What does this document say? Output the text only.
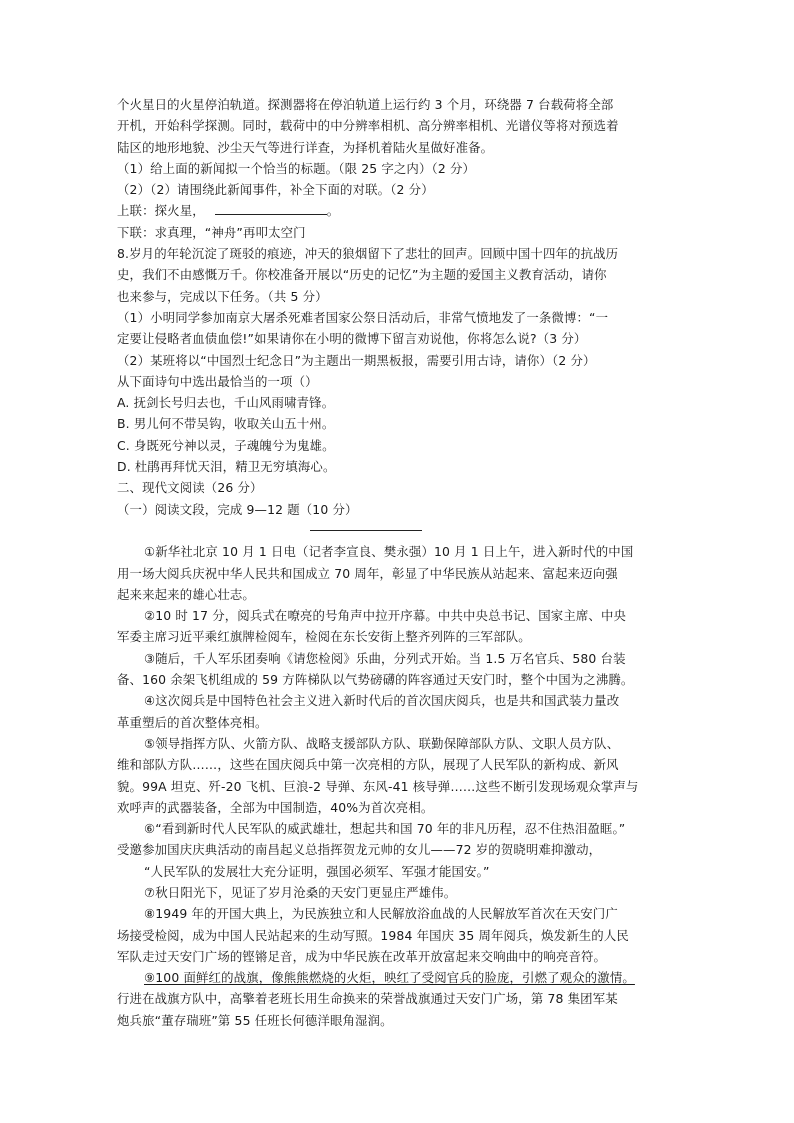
个火星日的火星停泊轨道。探测器将在停泊轨道上运行约 3 个月，环绕器 7 台载荷将全部
开机，开始科学探测。同时，载荷中的中分辨率相机、高分辨率相机、光谱仪等将对预选着
陆区的地形地貌、沙尘天气等进行详查，为择机着陆火星做好准备。
（1）给上面的新闻拟一个恰当的标题。（限 25 字之内）（2 分）
（2）（2）请围绕此新闻事件，补全下面的对联。（2 分）
上联：探火星，	。
下联：求真理，“神舟”再叩太空门
8.岁月的年轮沉淀了斑驳的痕迹，冲天的狼烟留下了悲壮的回声。回顾中国十四年的抗战历
史，我们不由感慨万千。你校准备开展以“历史的记忆”为主题的爱国主义教育活动，请你
也来参与，完成以下任务。（共 5 分）
（1）小明同学参加南京大屠杀死难者国家公祭日活动后，非常气愤地发了一条微博：“一
定要让侵略者血债血偿!”如果请你在小明的微博下留言劝说他，你将怎么说?（3 分）
（2）某班将以“中国烈士纪念日”为主题出一期黑板报，需要引用古诗，请你）（2 分）
从下面诗句中选出最恰当的一项（）
A. 抚剑长号归去也，千山风雨啸青锋。
B. 男儿何不带吴钩，收取关山五十州。
C. 身既死兮神以灵，子魂魄兮为鬼雄。
D. 杜鹃再拜忧天泪，精卫无穷填海心。
二、现代文阅读（26 分）
（一）阅读文段，完成 9—12 题（10 分）
①新华社北京 10 月 1 日电（记者李宣良、樊永强）10 月 1 日上午，进入新时代的中国
用一场大阅兵庆祝中华人民共和国成立 70 周年，彰显了中华民族从站起来、富起来迈向强
起来来起来的雄心壮志。
②10 时 17 分，阅兵式在嘹亮的号角声中拉开序幕。中共中央总书记、国家主席、中央
军委主席习近平乘红旗牌检阅车，检阅在东长安街上整齐列阵的三军部队。
③随后，千人军乐团奏响《请您检阅》乐曲，分列式开始。当 1.5 万名官兵、580 台装
备、160 余架飞机组成的 59 方阵梯队以气势磅礴的阵容通过天安门时，整个中国为之沸腾。
④这次阅兵是中国特色社会主义进入新时代后的首次国庆阅兵，也是共和国武装力量改
革重塑后的首次整体亮相。
⑤领导指挥方队、火箭方队、战略支援部队方队、联勤保障部队方队、文职人员方队、
维和部队方队……，这些在国庆阅兵中第一次亮相的方队，展现了人民军队的新构成、新风
貌。99A 坦克、歼-20 飞机、巨浪-2 导弹、东风-41 核导弹……这些不断引发现场观众掌声与
欢呼声的武器装备，全部为中国制造，40%为首次亮相。
⑥“看到新时代人民军队的威武雄壮，想起共和国 70 年的非凡历程，忍不住热泪盈眶。”
受邀参加国庆庆典活动的南昌起义总指挥贺龙元帅的女儿——72 岁的贺晓明难抑激动，
“人民军队的发展壮大充分证明，强国必须军、军强才能国安。”
⑦秋日阳光下，见证了岁月沧桑的天安门更显庄严雄伟。
⑧1949 年的开国大典上，为民族独立和人民解放浴血战的人民解放军首次在天安门广
场接受检阅，成为中国人民站起来的生动写照。1984 年国庆 35 周年阅兵，焕发新生的人民
军队走过天安门广场的铿锵足音，成为中华民族在改革开放富起来交响曲中的响亮音符。
⑨100 面鲜红的战旗，像熊熊燃烧的火炬，映红了受阅官兵的脸庞，引燃了观众的激情。
行进在战旗方队中，高擎着老班长用生命换来的荣誉战旗通过天安门广场，第 78 集团军某
炮兵旅“董存瑞班”第 55 任班长何德洋眼角湿润。
